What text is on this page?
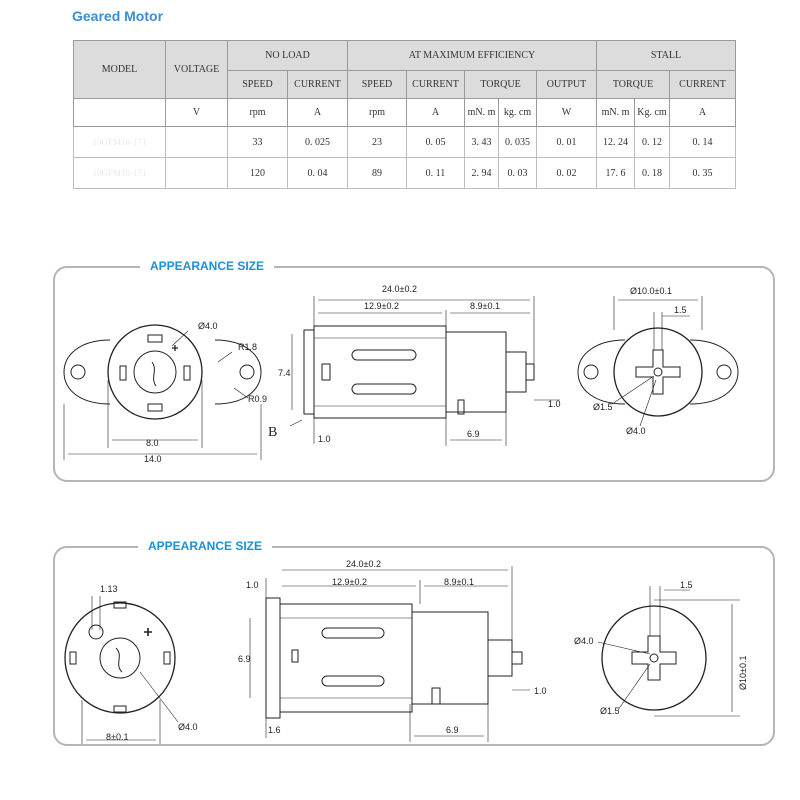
Geared Motor
MODEL	VOLTAGE	NO LOAD		AT MAXIMUM EFFICIENCY					STALL		
		SPEED	CURRENT	SPEED	CURRENT	TORQUE		OUTPUT	TORQUE		CURRENT
	V	rpm	A	rpm	A	mN. m	kg. cm	W	mN. m	Kg. cm	A
10GPM10-171		33	0. 025	23	0. 05	3. 43	0. 035	0. 01	12. 24	0. 12	0. 14
10GPM10-171		120	0. 04	89	0. 11	2. 94	0. 03	0. 02	17. 6	0. 18	0. 35
APPEARANCE SIZE
Ø4.0
R1.8
R0.9
8.0
14.0
24.0±0.2
12.9±0.2	8.9±0.1
7.4
B	1.0
1.0
6.9
Ø10.0±0.1
1.5
Ø1.5
Ø4.0
APPEARANCE SIZE
1.13
Ø4.0
8±0.1
1.0
24.0±0.2
12.9±0.2	8.9±0.1
6.9
1.0
1.6	6.9
1.5
Ø4.0
Ø1.5
Ø10±0.1
